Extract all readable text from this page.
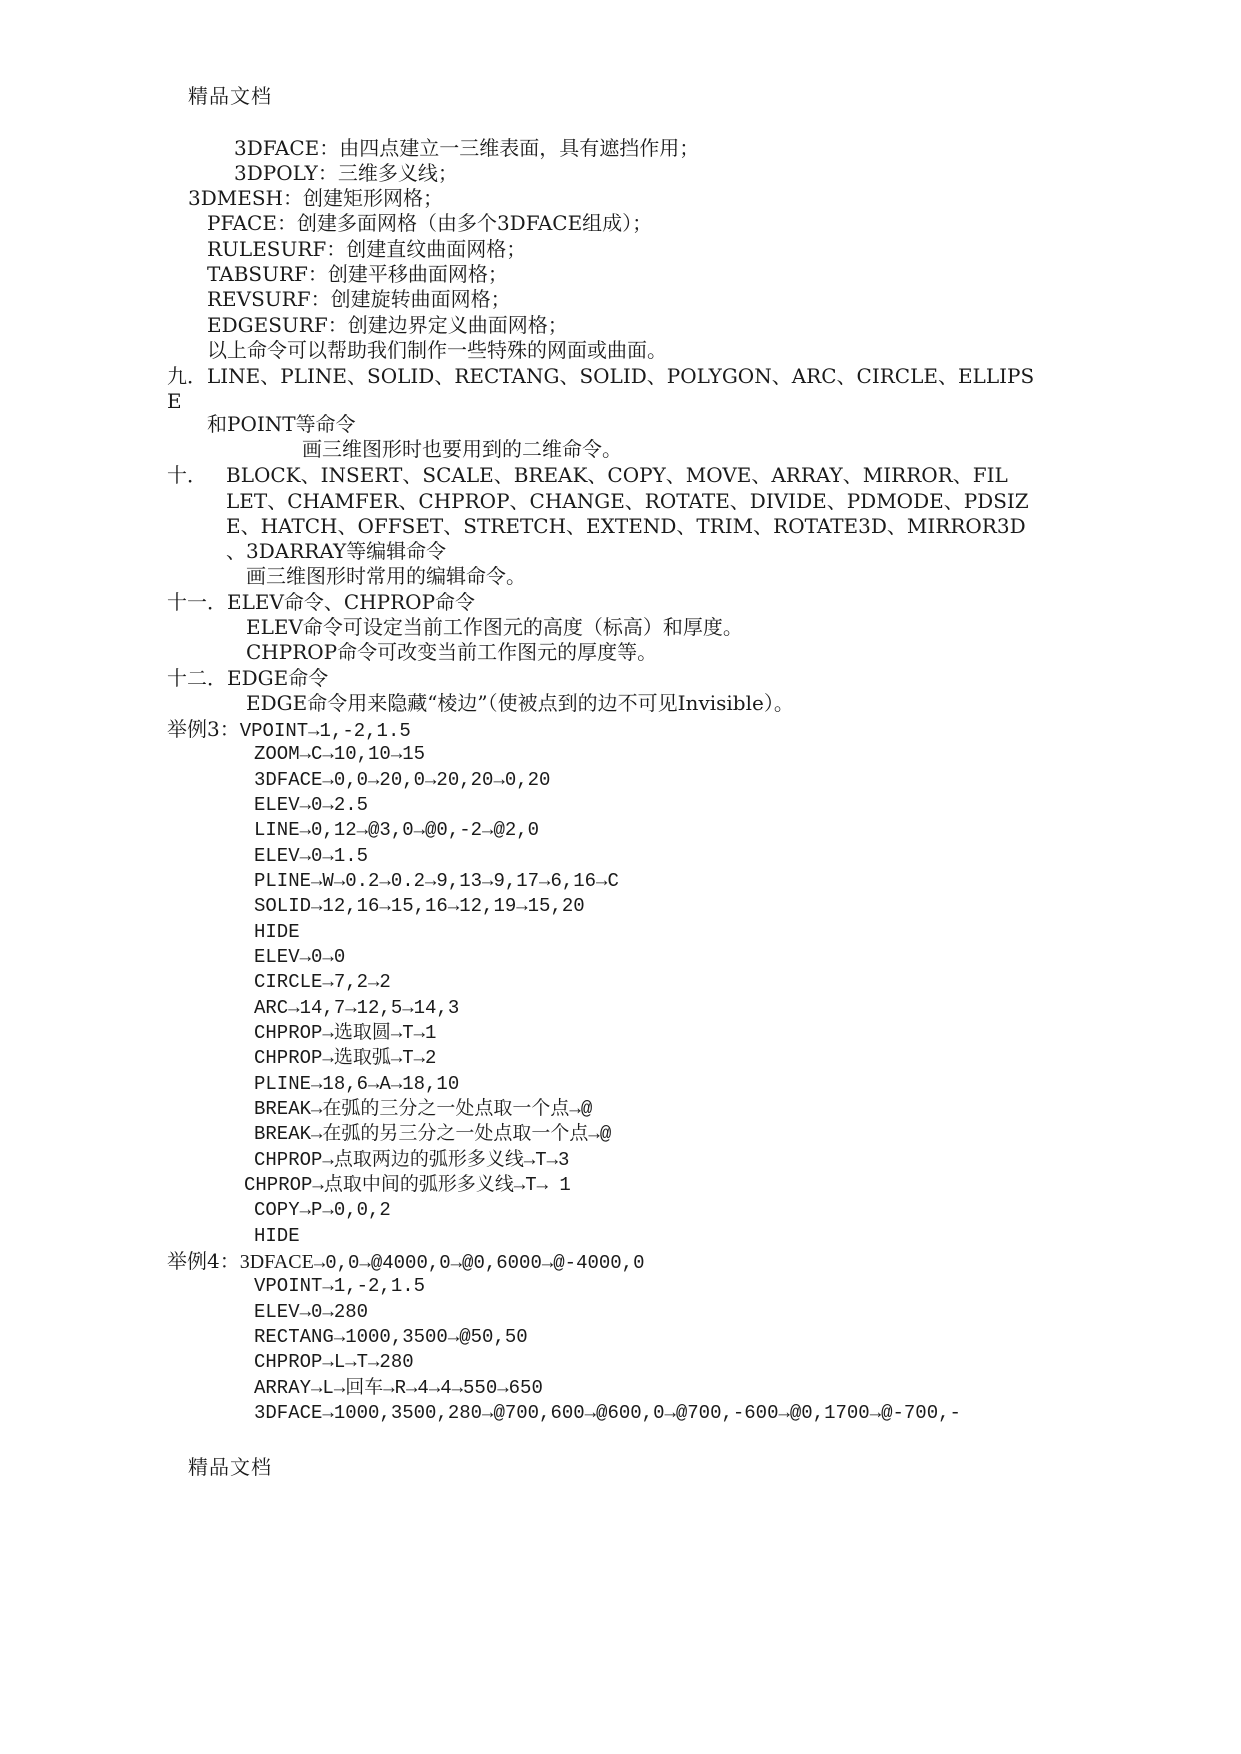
精品文档
3DFACE：由四点建立一三维表面，具有遮挡作用；
3DPOLY：三维多义线；
3DMESH：创建矩形网格；
PFACE：创建多面网格（由多个3DFACE组成）；
RULESURF：创建直纹曲面网格；
TABSURF：创建平移曲面网格；
REVSURF：创建旋转曲面网格；
EDGESURF：创建边界定义曲面网格；
以上命令可以帮助我们制作一些特殊的网面或曲面。
九．LINE、PLINE、SOLID、RECTANG、SOLID、POLYGON、ARC、CIRCLE、ELLIPS
E
和POINT等命令
画三维图形时也要用到的二维命令。
十． BLOCK、INSERT、SCALE、BREAK、COPY、MOVE、ARRAY、MIRROR、FIL
LET、CHAMFER、CHPROP、CHANGE、ROTATE、DIVIDE、PDMODE、PDSIZ
E、HATCH、OFFSET、STRETCH、EXTEND、TRIM、ROTATE3D、MIRROR3D
、3DARRAY等编辑命令
画三维图形时常用的编辑命令。
十一．ELEV命令、CHPROP命令
ELEV命令可设定当前工作图元的高度（标高）和厚度。
CHPROP命令可改变当前工作图元的厚度等。
十二．EDGE命令
EDGE命令用来隐藏“棱边”（使被点到的边不可见Invisible）。
举例3：VPOINT→1,-2,1.5
ZOOM→C→10,10→15
3DFACE→0,0→20,0→20,20→0,20
ELEV→0→2.5
LINE→0,12→@3,0→@0,-2→@2,0
ELEV→0→1.5
PLINE→W→0.2→0.2→9,13→9,17→6,16→C
SOLID→12,16→15,16→12,19→15,20
HIDE
ELEV→0→0
CIRCLE→7,2→2
ARC→14,7→12,5→14,3
CHPROP→选取圆→T→1
CHPROP→选取弧→T→2
PLINE→18,6→A→18,10
BREAK→在弧的三分之一处点取一个点→@
BREAK→在弧的另三分之一处点取一个点→@
CHPROP→点取两边的弧形多义线→T→3
CHPROP→点取中间的弧形多义线→T→ 1
COPY→P→0,0,2
HIDE
举例4：3DFACE→0,0→@4000,0→@0,6000→@-4000,0
VPOINT→1,-2,1.5
ELEV→0→280
RECTANG→1000,3500→@50,50
CHPROP→L→T→280
ARRAY→L→回车→R→4→4→550→650
3DFACE→1000,3500,280→@700,600→@600,0→@700,-600→@0,1700→@-700,-
精品文档
